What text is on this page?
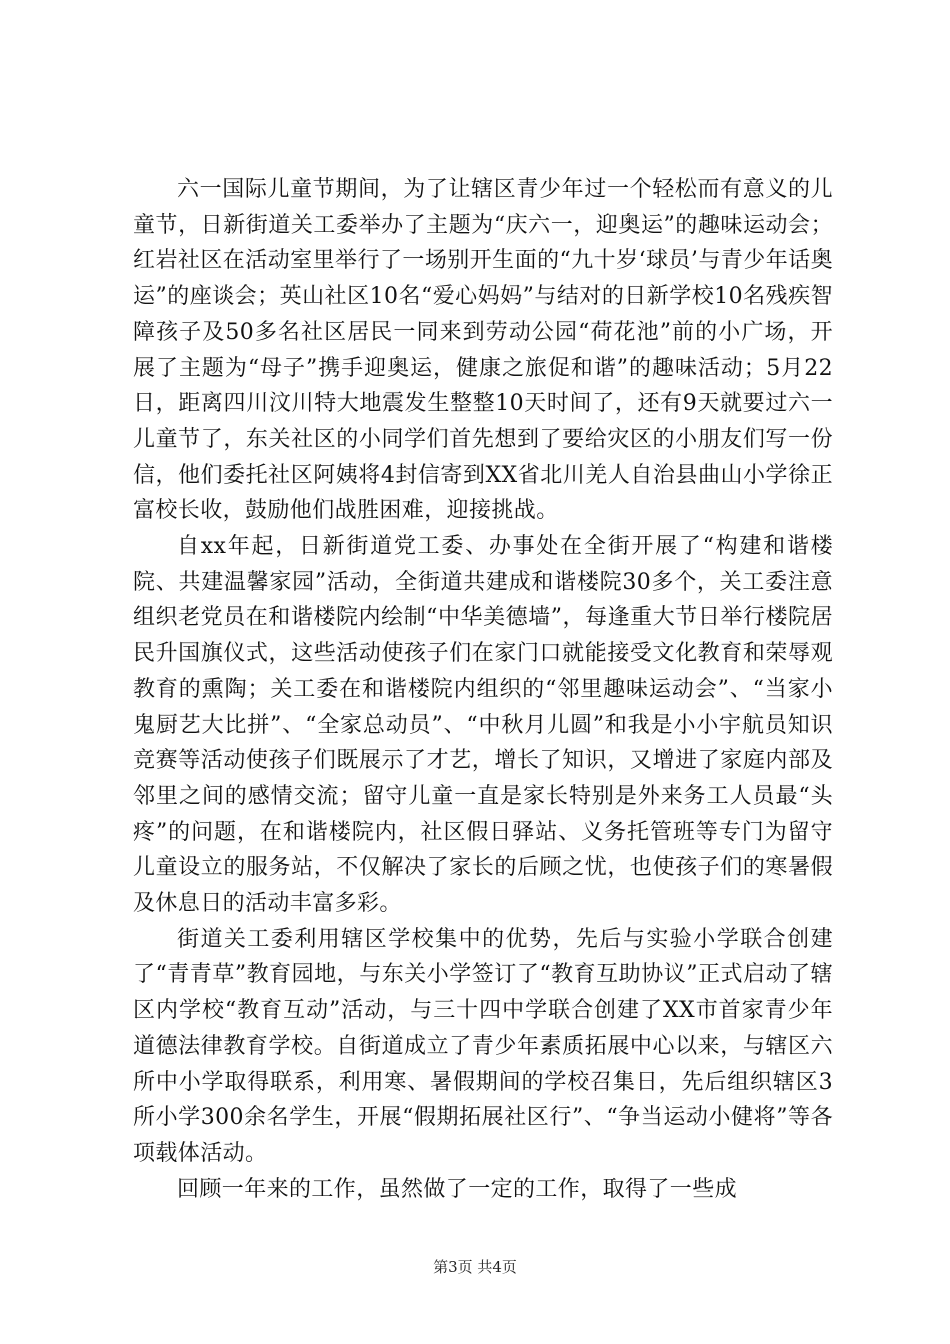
六一国际儿童节期间，为了让辖区青少年过一个轻松而有意义的儿童节，日新街道关工委举办了主题为“庆六一，迎奥运”的趣味运动会；红岩社区在活动室里举行了一场别开生面的“九十岁‘球员’与青少年话奥运”的座谈会；英山社区10名“爱心妈妈”与结对的日新学校10名残疾智障孩子及50多名社区居民一同来到劳动公园“荷花池”前的小广场，开展了主题为“母子”携手迎奥运，健康之旅促和谐”的趣味活动；5月22日，距离四川汶川特大地震发生整整10天时间了，还有9天就要过六一儿童节了，东关社区的小同学们首先想到了要给灾区的小朋友们写一份信，他们委托社区阿姨将4封信寄到XX省北川羌人自治县曲山小学徐正富校长收，鼓励他们战胜困难，迎接挑战。

自xx年起，日新街道党工委、办事处在全街开展了“构建和谐楼院、共建温馨家园”活动，全街道共建成和谐楼院30多个，关工委注意组织老党员在和谐楼院内绘制“中华美德墙”，每逢重大节日举行楼院居民升国旗仪式，这些活动使孩子们在家门口就能接受文化教育和荣辱观教育的熏陶；关工委在和谐楼院内组织的“邻里趣味运动会”、“当家小鬼厨艺大比拼”、“全家总动员”、“中秋月儿圆”和我是小小宇航员知识竞赛等活动使孩子们既展示了才艺，增长了知识，又增进了家庭内部及邻里之间的感情交流；留守儿童一直是家长特别是外来务工人员最“头疼”的问题，在和谐楼院内，社区假日驿站、义务托管班等专门为留守儿童设立的服务站，不仅解决了家长的后顾之忧，也使孩子们的寒暑假及休息日的活动丰富多彩。

街道关工委利用辖区学校集中的优势，先后与实验小学联合创建了“青青草”教育园地，与东关小学签订了“教育互助协议”正式启动了辖区内学校“教育互动”活动，与三十四中学联合创建了XX市首家青少年道德法律教育学校。自街道成立了青少年素质拓展中心以来，与辖区六所中小学取得联系，利用寒、暑假期间的学校召集日，先后组织辖区3所小学300余名学生，开展“假期拓展社区行”、“争当运动小健将”等各项载体活动。

回顾一年来的工作，虽然做了一定的工作，取得了一些成

第3页 共4页
